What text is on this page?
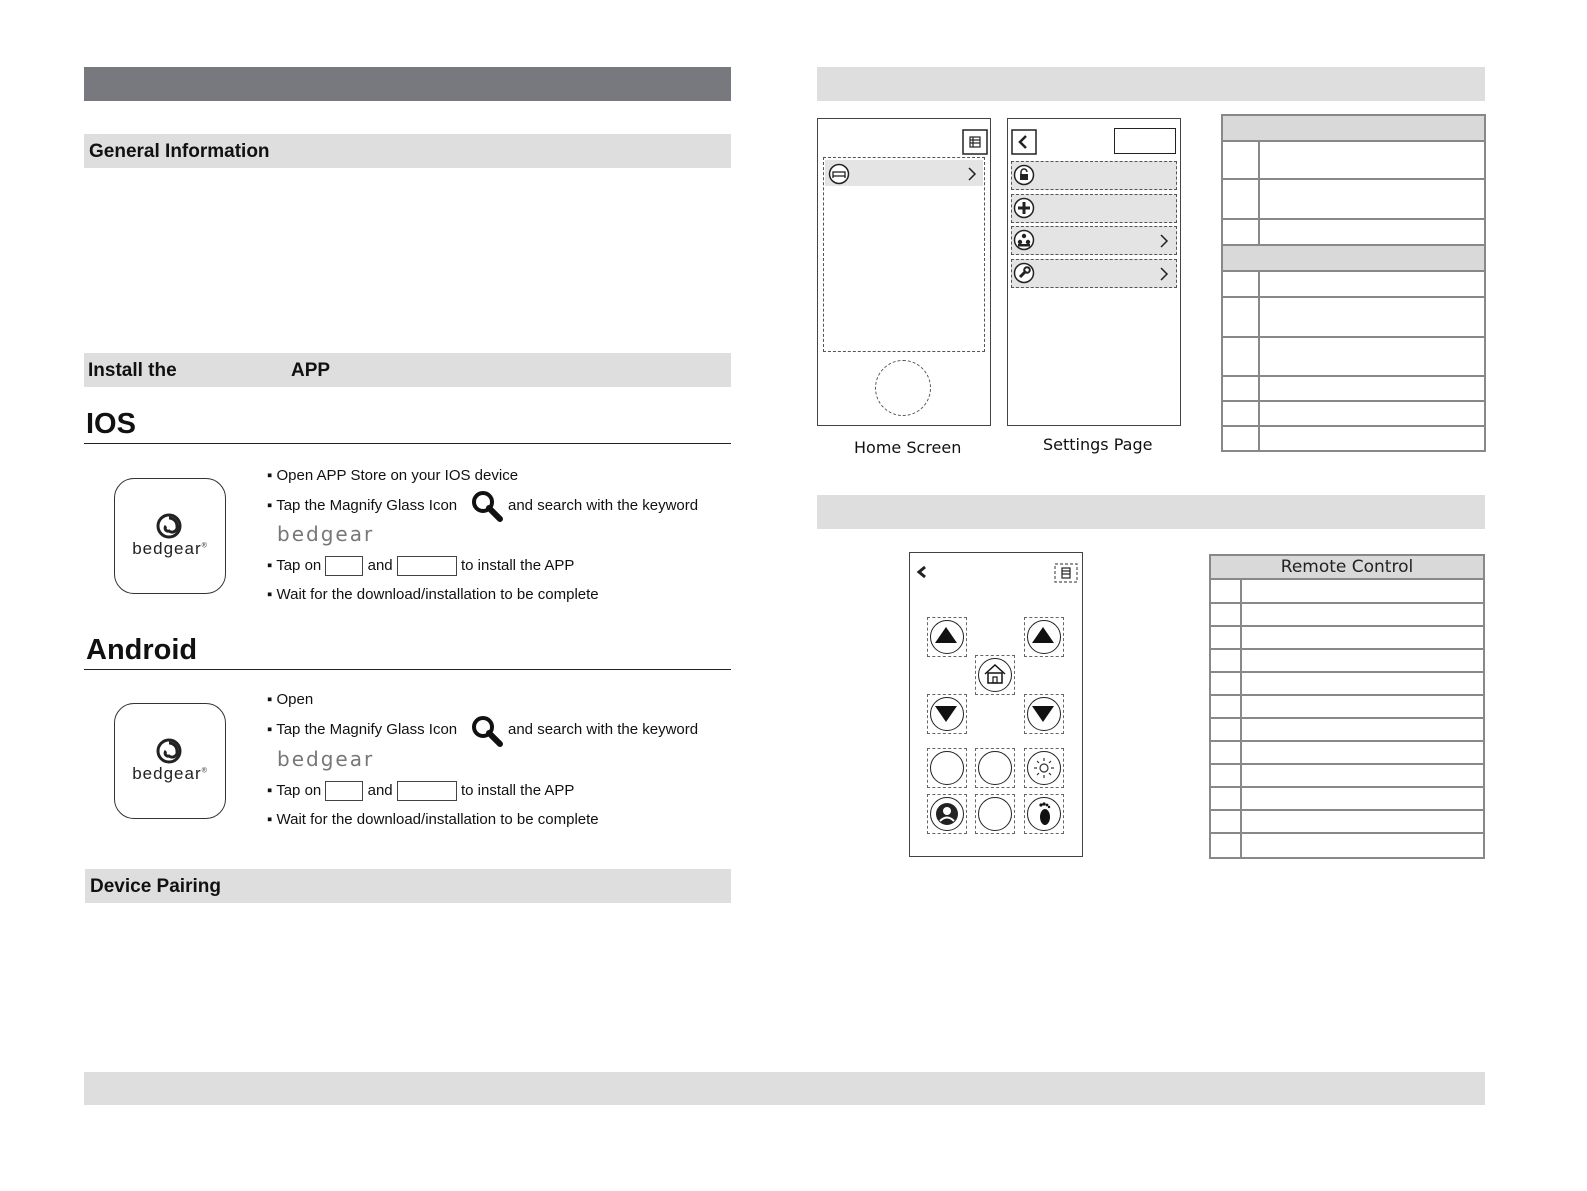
General Information
Install the	APP
IOS
bedgear®
▪ Open APP Store on your IOS device
▪ Tap the Magnify Glass Icon	and search with the keyword
bedgear
▪ Tap on	and	to install the APP
▪ Wait for the download/installation to be complete
Android
bedgear®
▪ Open
▪ Tap the Magnify Glass Icon	and search with the keyword
bedgear
▪ Tap on	and	to install the APP
▪ Wait for the download/installation to be complete
Device Pairing
Home Screen	Settings Page
Remote Control
